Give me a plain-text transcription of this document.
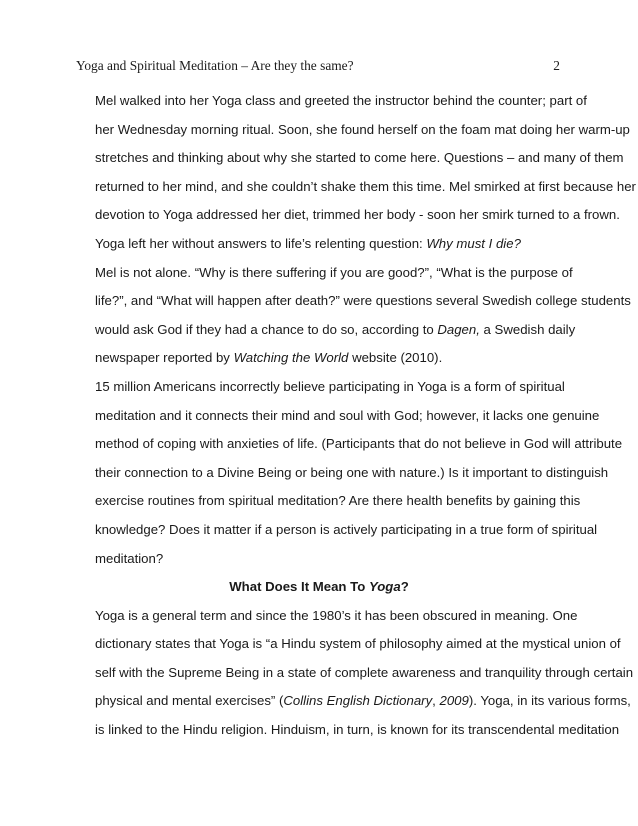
Yoga and Spiritual Meditation – Are they the same?	2

Mel walked into her Yoga class and greeted the instructor behind the counter; part of
her Wednesday morning ritual. Soon, she found herself on the foam mat doing her warm-up
stretches and thinking about why she started to come here. Questions – and many of them
returned to her mind, and she couldn’t shake them this time. Mel smirked at first because her
devotion to Yoga addressed her diet, trimmed her body - soon her smirk turned to a frown.
Yoga left her without answers to life’s relenting question: Why must I die?

Mel is not alone. “Why is there suffering if you are good?”, “What is the purpose of
life?”, and “What will happen after death?” were questions several Swedish college students
would ask God if they had a chance to do so, according to Dagen, a Swedish daily
newspaper reported by Watching the World website (2010).

15 million Americans incorrectly believe participating in Yoga is a form of spiritual
meditation and it connects their mind and soul with God; however, it lacks one genuine
method of coping with anxieties of life. (Participants that do not believe in God will attribute
their connection to a Divine Being or being one with nature.) Is it important to distinguish
exercise routines from spiritual meditation? Are there health benefits by gaining this
knowledge? Does it matter if a person is actively participating in a true form of spiritual
meditation?

What Does It Mean To Yoga?

Yoga is a general term and since the 1980’s it has been obscured in meaning. One
dictionary states that Yoga is “a Hindu system of philosophy aimed at the mystical union of
self with the Supreme Being in a state of complete awareness and tranquility through certain
physical and mental exercises” (Collins English Dictionary, 2009). Yoga, in its various forms,
is linked to the Hindu religion. Hinduism, in turn, is known for its transcendental meditation
